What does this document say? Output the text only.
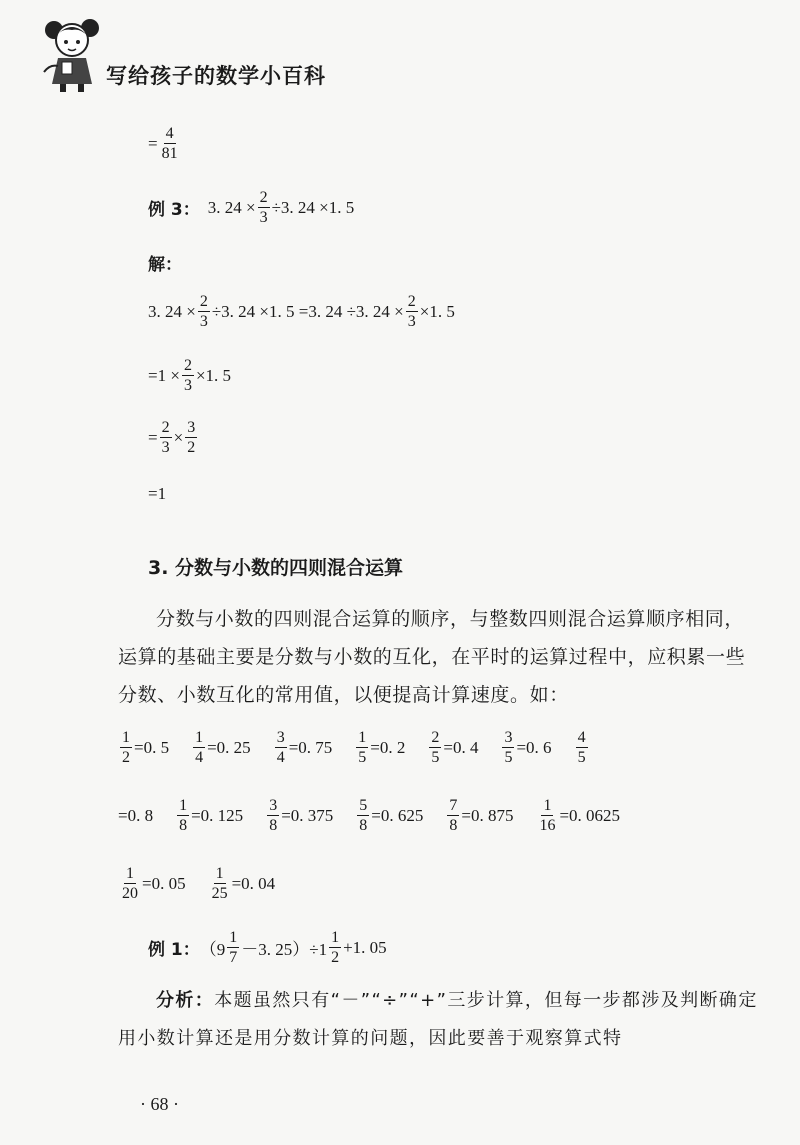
写给孩子的数学小百科
= $\frac{4}{81}$
例 3： 3. $24 \times \frac{2}{3} \div 3$. 24 ×1. 5
解：
3. $24 \times \frac{2}{3} \div 3$. 24 ×1. 5 =3. 24 ÷3. $24 \times \frac{2}{3} \times 1$. 5
$=1 \times \frac{2}{3} \times 1$. 5
= $\frac{2}{3} \times \frac{3}{2}$
=1
3. 分数与小数的四则混合运算

分数与小数的四则混合运算的顺序，与整数四则混合运算顺序相同，运算的基础主要是分数与小数的互化，在平时的运算过程中，应积累一些分数、小数互化的常用值，以便提高计算速度。如：

$\frac{1}{2} =0$. $5 \frac{1}{4} =0$. $25 \frac{3}{4} =0$. $75 \frac{1}{5} =0$. $2 \frac{2}{5} =0$. $4 \frac{3}{5} =0$. $6 \frac{4}{5}$
=0. $8 \frac{1}{8} =0$. $125 \frac{3}{8} =0$. $375 \frac{5}{8} =0$. $625 \frac{7}{8} =0$. $875 \frac{1}{16} =0$. 0625
$\frac{1}{20} =0$. $05 \frac{1}{25} =0$. 04
例 1： （$9 \frac{1}{7} -3$. $25)\div 1 \frac{1}{2} +1$. 05

分析：本题虽然只有“－”“÷”“+”三步计算，但每一步都涉及判断确定用小数计算还是用分数计算的问题，因此要善于观察算式特

· 68 ·
